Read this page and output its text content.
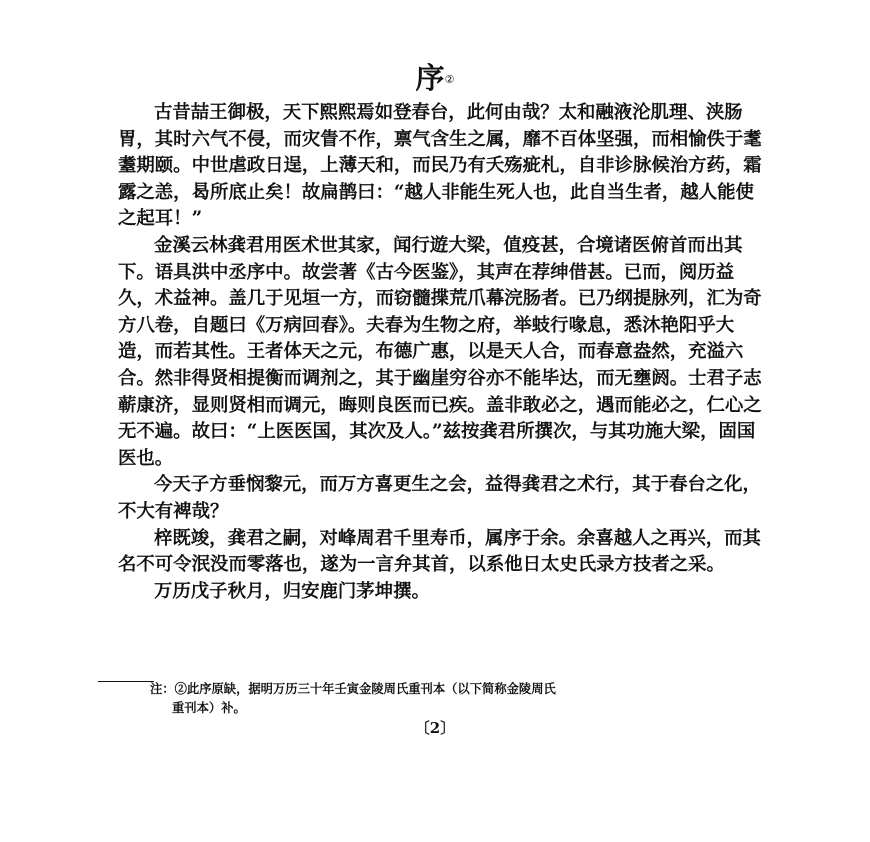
序②

古昔喆王御极，天下熙熙焉如登春台，此何由哉？太和融液沦肌理、浃肠胃，其时六气不侵，而灾眚不作，禀气含生之属，靡不百体坚强，而相愉佚于耄耋期颐。中世虐政日逞，上薄天和，而民乃有夭殇疵札，自非诊脉候治方药，霜露之恙，曷所底止矣！故扁鹊曰：“越人非能生死人也，此自当生者，越人能使之起耳！”

金溪云林龚君用医术世其家，闻行遊大梁，值疫甚，合境诸医俯首而出其下。语具洪中丞序中。故尝著《古今医鉴》，其声在荐绅借甚。已而，阅历益久，术益神。盖几于见垣一方，而窃髓揲荒爪幕浣肠者。已乃纲提脉列，汇为奇方八卷，自题曰《万病回春》。夫春为生物之府，举蚑行喙息，悉沐艳阳乎大造，而若其性。王者体天之元，布德广惠，以是天人合，而春意盎然，充溢六合。然非得贤相提衡而调剂之，其于幽崖穷谷亦不能毕达，而无壅阏。士君子志蕲康济，显则贤相而调元，晦则良医而已疾。盖非敢必之，遇而能必之，仁心之无不遍。故曰：“上医医国，其次及人。”兹按龚君所撰次，与其功施大梁，固国医也。

今天子方垂悯黎元，而万方喜更生之会，益得龚君之术行，其于春台之化，不大有裨哉？

梓既竣，龚君之嗣，对峰周君千里寿币，属序于余。余喜越人之再兴，而其名不可令泯没而零落也，遂为一言弁其首，以系他日太史氏录方技者之采。

万历戊子秋月，归安鹿门茅坤撰。

注：②此序原缺，据明万历三十年壬寅金陵周氏重刊本（以下简称金陵周氏
重刊本）补。
〔2〕
